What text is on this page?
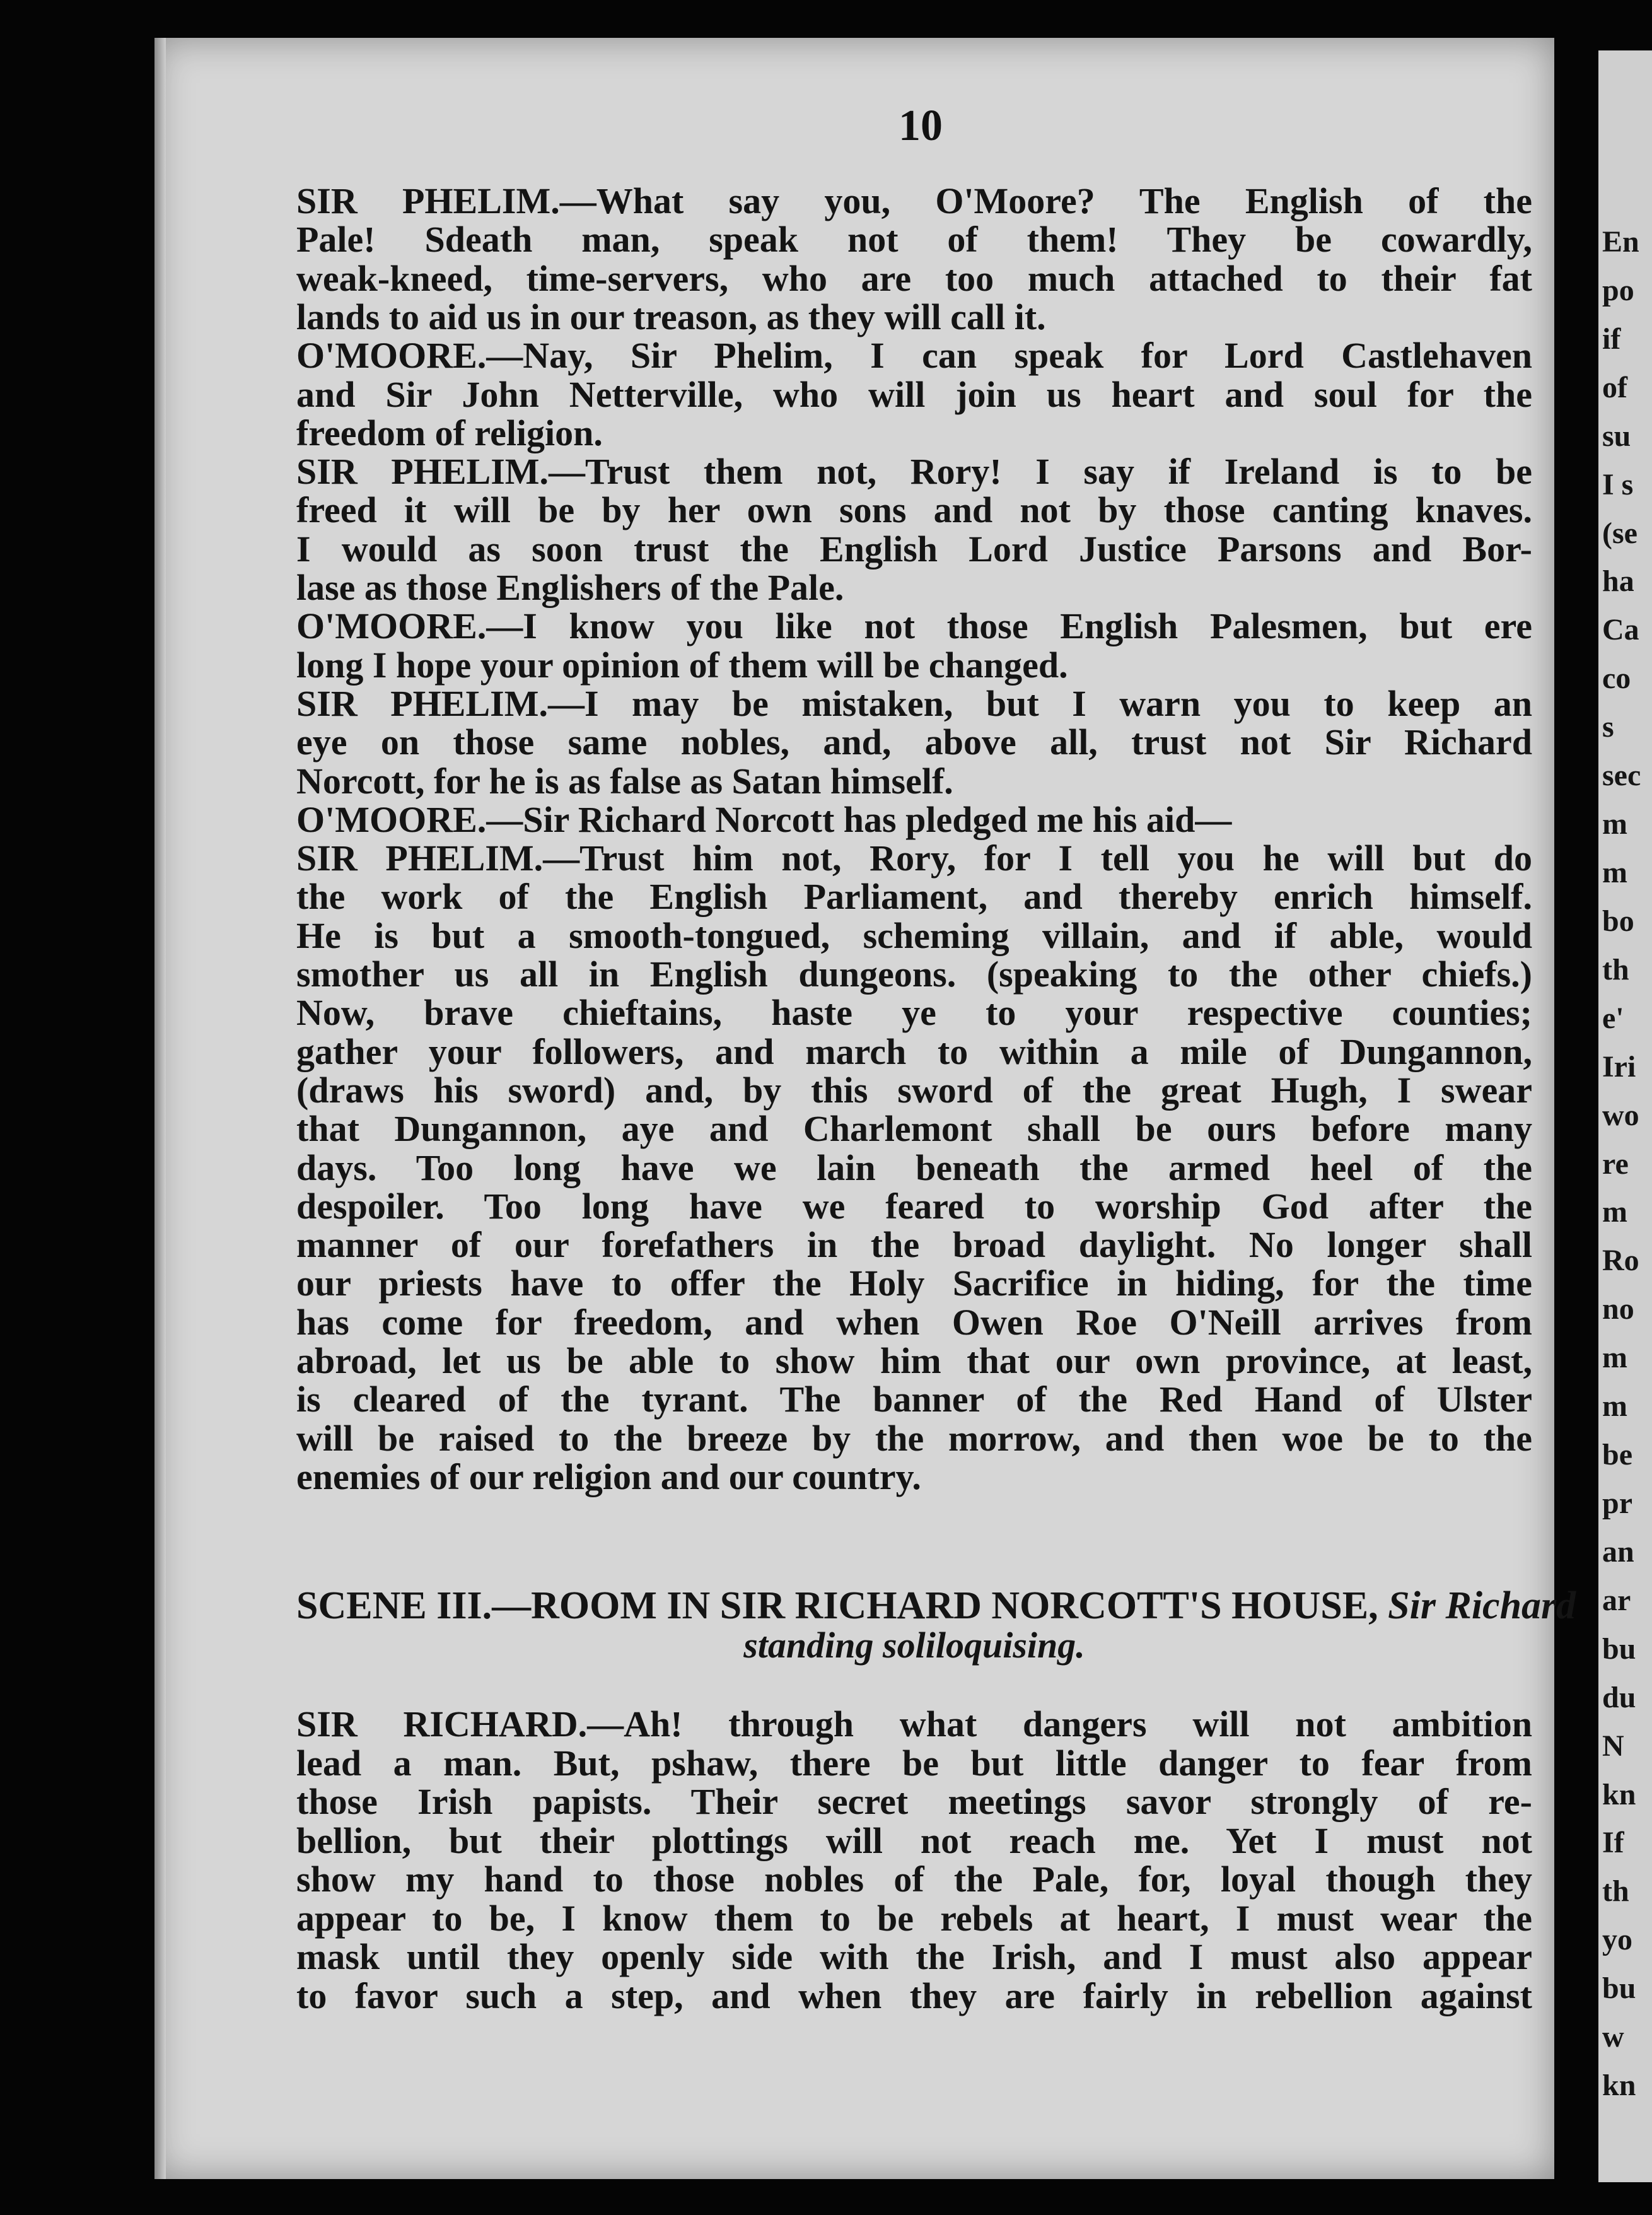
En
po
if
of
su
I s
(se
ha
Ca
co
s
sec
m
m
bo
th
e'
Iri
wo
re
m
Ro
no
m
m
be
pr
an
ar
bu
du
N
kn
If
th
yo
bu
w
kn
10
SIR PHELIM.—What say you, O'Moore? The English of the
Pale! Sdeath man, speak not of them! They be cowardly,
weak-kneed, time-servers, who are too much attached to their fat
lands to aid us in our treason, as they will call it.
O'MOORE.—Nay, Sir Phelim, I can speak for Lord Castlehaven
and Sir John Netterville, who will join us heart and soul for the
freedom of religion.
SIR PHELIM.—Trust them not, Rory! I say if Ireland is to be
freed it will be by her own sons and not by those canting knaves.
I would as soon trust the English Lord Justice Parsons and Bor-
lase as those Englishers of the Pale.
O'MOORE.—I know you like not those English Palesmen, but ere
long I hope your opinion of them will be changed.
SIR PHELIM.—I may be mistaken, but I warn you to keep an
eye on those same nobles, and, above all, trust not Sir Richard
Norcott, for he is as false as Satan himself.
O'MOORE.—Sir Richard Norcott has pledged me his aid—
SIR PHELIM.—Trust him not, Rory, for I tell you he will but do
the work of the English Parliament, and thereby enrich himself.
He is but a smooth-tongued, scheming villain, and if able, would
smother us all in English dungeons. (speaking to the other chiefs.)
Now, brave chieftains, haste ye to your respective counties;
gather your followers, and march to within a mile of Dungannon,
(draws his sword) and, by this sword of the great Hugh, I swear
that Dungannon, aye and Charlemont shall be ours before many
days. Too long have we lain beneath the armed heel of the
despoiler. Too long have we feared to worship God after the
manner of our forefathers in the broad daylight. No longer shall
our priests have to offer the Holy Sacrifice in hiding, for the time
has come for freedom, and when Owen Roe O'Neill arrives from
abroad, let us be able to show him that our own province, at least,
is cleared of the tyrant. The banner of the Red Hand of Ulster
will be raised to the breeze by the morrow, and then woe be to the
enemies of our religion and our country.
SCENE III.—ROOM IN SIR RICHARD NORCOTT'S HOUSE, Sir Richard
standing soliloquising.
SIR RICHARD.—Ah! through what dangers will not ambition
lead a man. But, pshaw, there be but little danger to fear from
those Irish papists. Their secret meetings savor strongly of re-
bellion, but their plottings will not reach me. Yet I must not
show my hand to those nobles of the Pale, for, loyal though they
appear to be, I know them to be rebels at heart, I must wear the
mask until they openly side with the Irish, and I must also appear
to favor such a step, and when they are fairly in rebellion against
